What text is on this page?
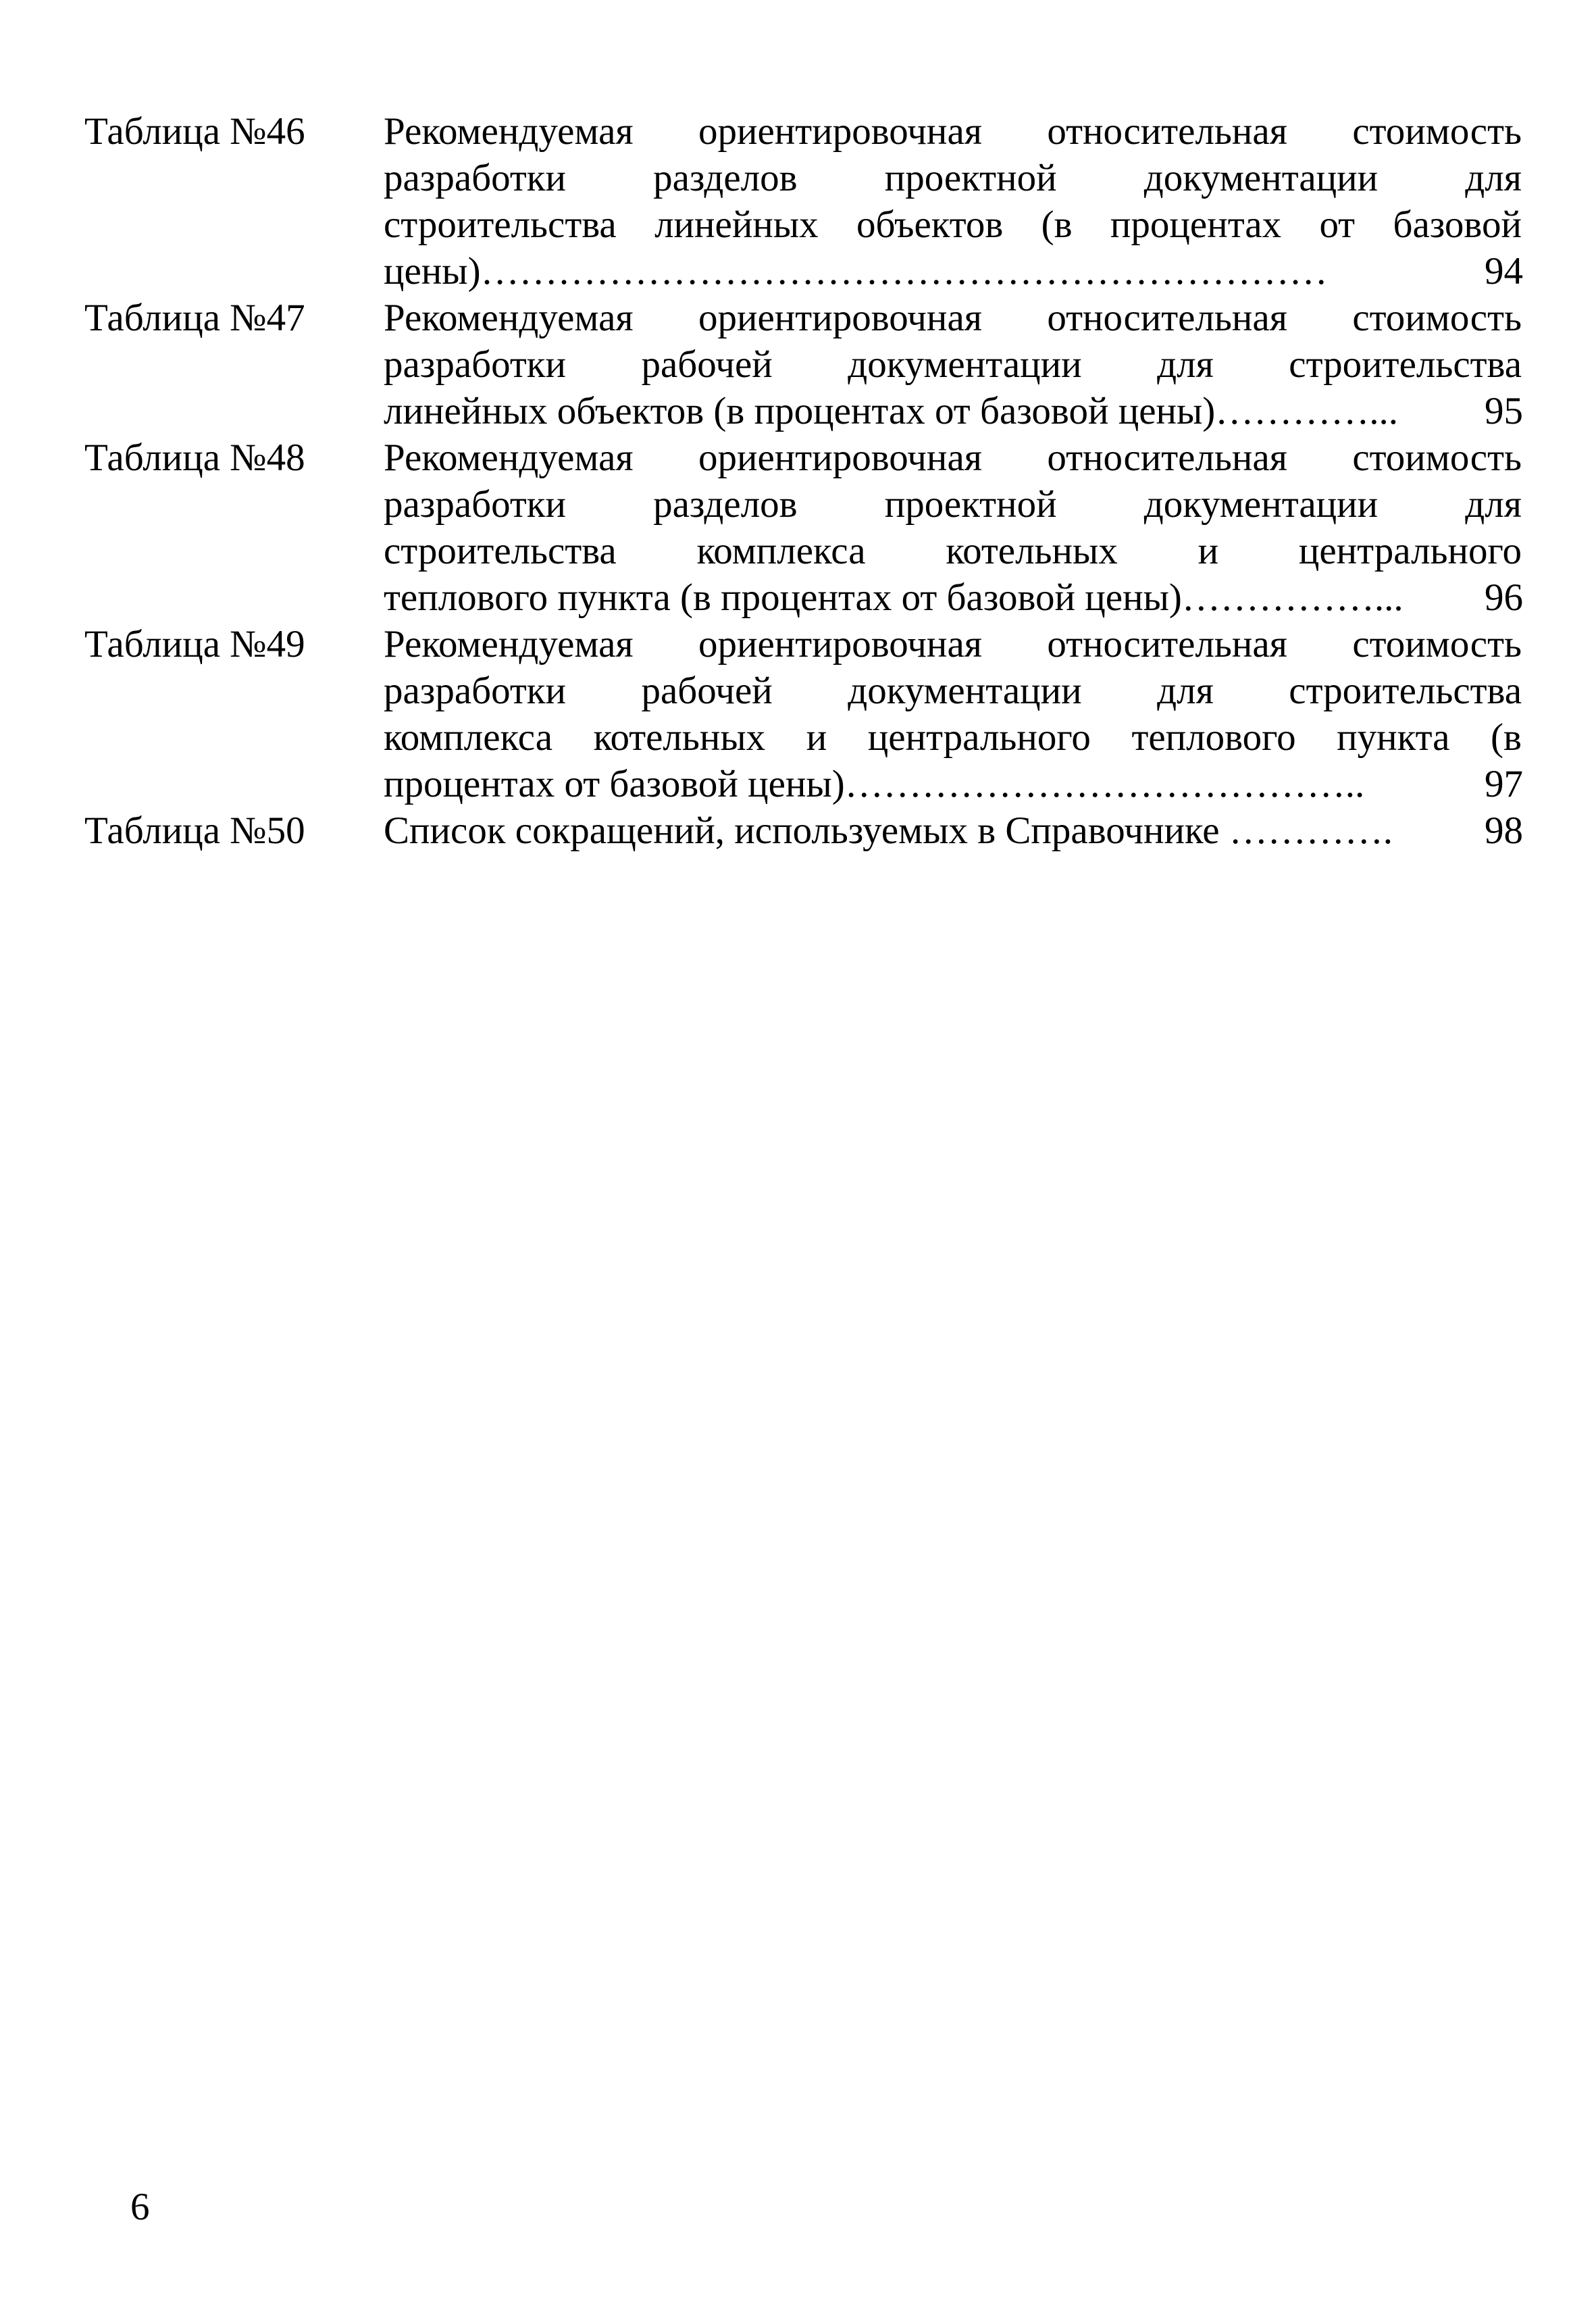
Таблица №46 Рекомендуемая ориентировочная относительная стоимость
разработки разделов проектной документации для
строительства линейных объектов (в процентах от базовой
цены)…………………………………………………………	94
Таблица №47 Рекомендуемая ориентировочная относительная стоимость
разработки рабочей документации для строительства
линейных объектов (в процентах от базовой цены)…………... 95
Таблица №48 Рекомендуемая ориентировочная относительная стоимость
разработки разделов проектной документации для
строительства комплекса котельных и центрального
теплового пункта (в процентах от базовой цены)……………... 96
Таблица №49 Рекомендуемая ориентировочная относительная стоимость
разработки рабочей документации для строительства
комплекса котельных и центрального теплового пункта (в
процентах от базовой цены)…………………………………..	97
Таблица №50 Список сокращений, используемых в Справочнике …………. 98
6
